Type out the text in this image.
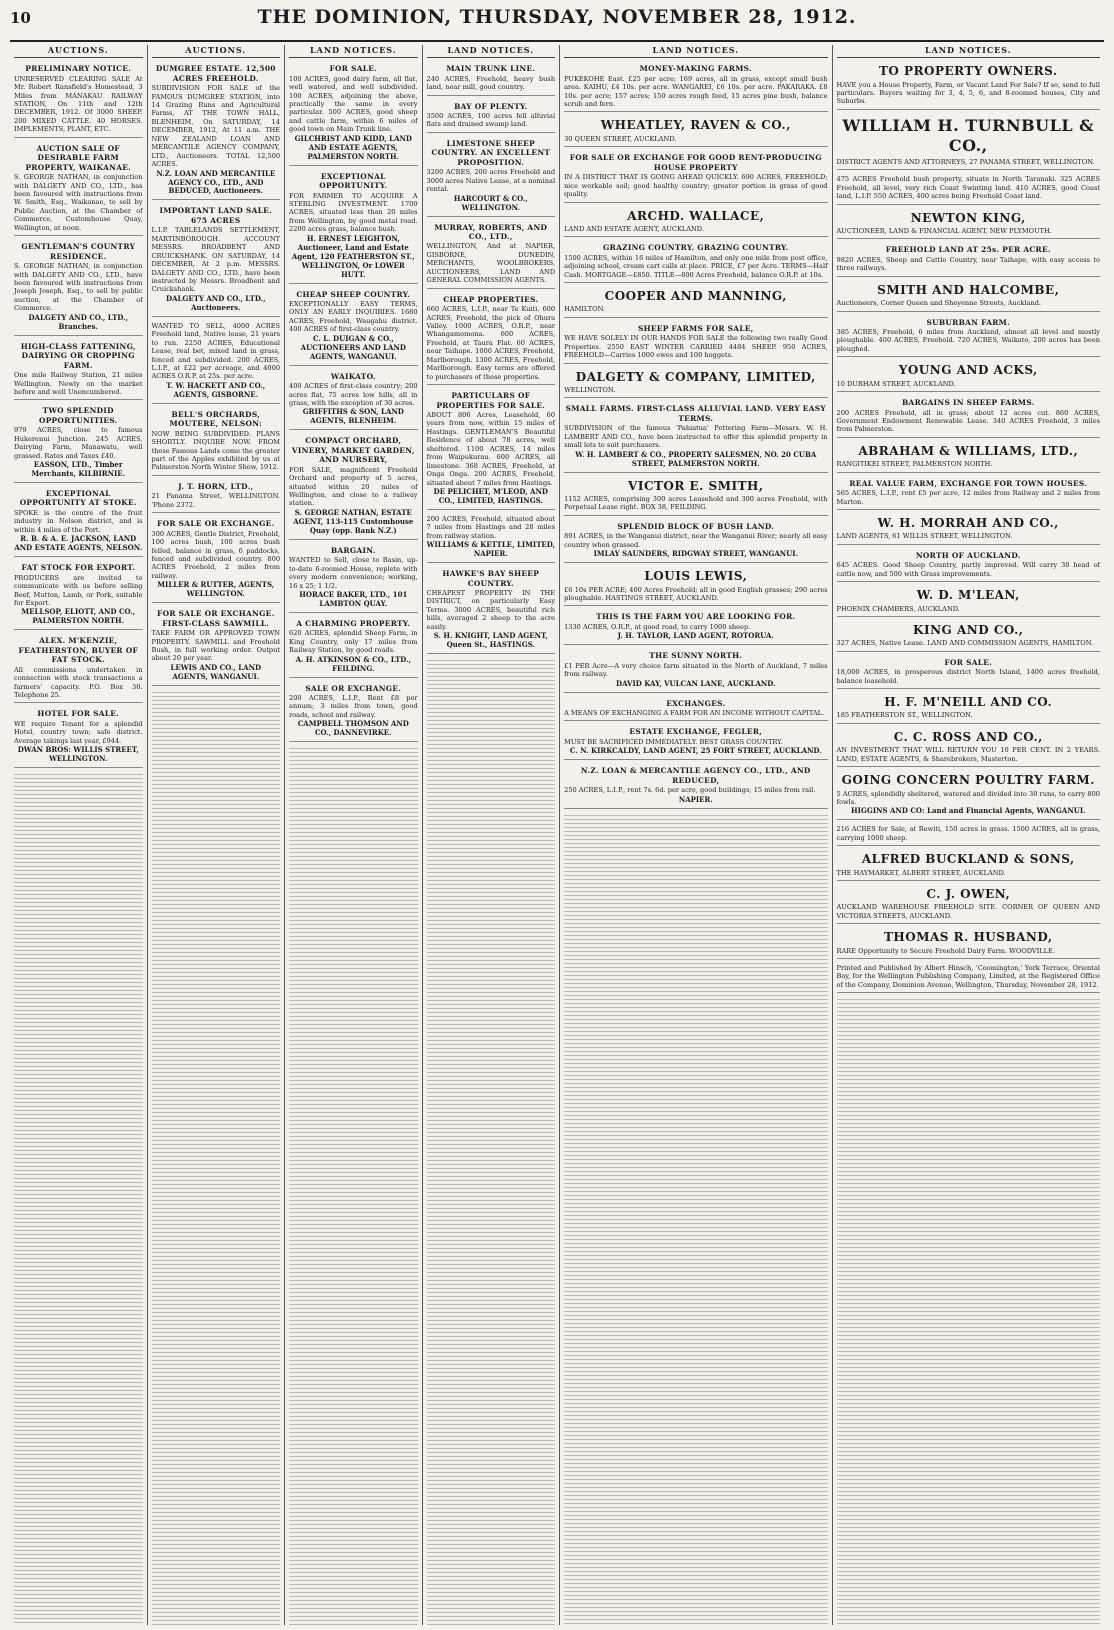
10	THE DOMINION, THURSDAY, NOVEMBER 28, 1912.
AUCTIONS.
PRELIMINARY NOTICE.
UNRESERVED CLEARING SALE At Mr. Robert Ransfield's Homestead, 3 Miles from MANAKAU RAILWAY STATION, On 11th and 12th DECEMBER, 1912. Of 3000 SHEEP. 200 MIXED CATTLE. 40 HORSES. IMPLEMENTS, PLANT, ETC.
AUCTION SALE OF DESIRABLE FARM PROPERTY, WAIKANAE.
S. GEORGE NATHAN, in conjunction with DALGETY AND CO., LTD., has been favoured with instructions from W. Smith, Esq., Waikanae, to sell by Public Auction, at the Chamber of Commerce, Customhouse Quay, Wellington, at noon.
GENTLEMAN'S COUNTRY RESIDENCE.
S. GEORGE NATHAN, in conjunction with DALGETY AND CO., LTD., have been favoured with instructions from Joseph Joseph, Esq., to sell by public auction, at the Chamber of Commerce.
DALGETY AND CO., LTD., Branches.
HIGH-CLASS FATTENING, DAIRYING OR CROPPING FARM.
One mile Railway Station, 21 miles Wellington. Newly on the market before and well Unencumbered.
TWO SPLENDID OPPORTUNITIES.
979 ACRES, close to famous Hukerenui Junction. 245 ACRES, Dairying Farm, Manawatu, well grassed. Rates and Taxes £40.
EASSON, LTD., Timber Merchants, KILBIRNIE.
EXCEPTIONAL OPPORTUNITY AT STOKE.
SPOKE is the centre of the fruit industry in Nelson district, and is within 4 miles of the Port.
R. B. & A. E. JACKSON, LAND AND ESTATE AGENTS, NELSON.
FAT STOCK FOR EXPORT.
PRODUCERS are invited to communicate with us before selling Beef, Mutton, Lamb, or Pork, suitable for Export.
MELLSOP, ELIOTT, AND CO., PALMERSTON NORTH.
ALEX. M'KENZIE, FEATHERSTON, BUYER OF FAT STOCK.
All commissions undertaken in connection with stock transactions a farmers' capacity. P.O. Box 30. Telephone 25.
HOTEL FOR SALE.
WE require Tenant for a splendid Hotel, country town; safe district. Average takings last year, £944.
DWAN BROS: WILLIS STREET, WELLINGTON.
AUCTIONS.
DUMGREE ESTATE. 12,500 ACRES FREEHOLD.
SUBDIVISION FOR SALE of the FAMOUS DUMGREE STATION, into 14 Grazing Runs and Agricultural Farms, AT THE TOWN HALL, BLENHEIM, On SATURDAY, 14 DECEMBER, 1912, At 11 a.m. THE NEW ZEALAND LOAN AND MERCANTILE AGENCY COMPANY, LTD., Auctioneers. TOTAL 12,500 ACRES.
N.Z. LOAN AND MERCANTILE AGENCY CO., LTD., AND BEDUCED, Auctioneers.
IMPORTANT LAND SALE. 675 ACRES
L.I.P. TABLELANDS SETTLEMENT, MARTINBOROUGH. ACCOUNT MESSRS. BROADBENT AND CRUICKSHANK. ON SATURDAY, 14 DECEMBER, At 2 p.m. MESSRS. DALGETY AND CO., LTD., have been instructed by Messrs. Broadbent and Cruickshank.
DALGETY AND CO., LTD., Auctioneers.
WANTED TO SELL, 4000 ACRES Freehold land, Native lease, 21 years to run. 2250 ACRES, Educational Lease, real bet, mixed land in grass, fenced and subdivided. 200 ACRES, L.I.P., at £22 per acreage, and 4000 ACRES O.R.P. at 25s. per acre.
T. W. HACKETT AND CO., AGENTS, GISBORNE.
BELL'S ORCHARDS, MOUTERE, NELSON:
NOW BEING SUBDIVIDED. PLANS SHORTLY. INQUIRE NOW. FROM these Famous Lands come the greater part of the Apples exhibited by us at Palmerston North Winter Show, 1912.
J. T. HORN, LTD.,
21 Panama Street, WELLINGTON. 'Phone 2372.
FOR SALE OR EXCHANGE.
300 ACRES, Gentle District, Freehold, 100 acres bush, 100 acres bush felled, balance in grass, 6 paddocks, fenced and subdivided country. 800 ACRES Freehold, 2 miles from railway.
MILLER & RUTTER, AGENTS, WELLINGTON.
FOR SALE OR EXCHANGE. FIRST-CLASS SAWMILL.
TAKE FARM OR APPROVED TOWN PROPERTY. SAWMILL and Freehold Bush, in full working order. Output about 20 per year.
LEWIS AND CO., LAND AGENTS, WANGANUI.
LAND NOTICES.
FOR SALE.
100 ACRES, good dairy farm, all flat, well watered, and well subdivided. 100 ACRES, adjoining the above, practically the same in every particular. 500 ACRES, good sheep and cattle farm, within 6 miles of good town on Main Trunk line.
GILCHRIST AND KIDD, LAND AND ESTATE AGENTS, PALMERSTON NORTH.
EXCEPTIONAL OPPORTUNITY.
FOR FARMER TO ACQUIRE A STERLING INVESTMENT. 1700 ACRES, situated less than 20 miles from Wellington, by good metal road. 2200 acres grass, balance bush.
H. ERNEST LEIGHTON, Auctioneer, Land and Estate Agent, 120 FEATHERSTON ST., WELLINGTON, Or LOWER HUTT.
CHEAP SHEEP COUNTRY.
EXCEPTIONALLY EASY TERMS, ONLY AN EARLY INQUIRIES. 1680 ACRES, Freehold, Waugahu district. 400 ACRES of first-class country.
C. L. DUIGAN & CO., AUCTIONEERS AND LAND AGENTS, WANGANUI.
WAIKATO.
400 ACRES of first-class country; 200 acres flat, 75 acres low hills, all in grass, with the exception of 30 acres.
GRIFFITHS & SON, LAND AGENTS, BLENHEIM.
COMPACT ORCHARD, VINERY, MARKET GARDEN, AND NURSERY,
FOR SALE, magnificent Freehold Orchard and property of 5 acres, situated within 20 miles of Wellington, and close to a railway station.
S. GEORGE NATHAN, ESTATE AGENT, 113-115 Customhouse Quay (opp. Bank N.Z.)
BARGAIN.
WANTED to Sell, close to Basin, up-to-date 6-roomed House, replete with every modern convenience; working, 16 x 25; 1 1/2.
HORACE BAKER, LTD., 101 LAMBTON QUAY.
A CHARMING PROPERTY.
620 ACRES, splendid Sheep Farm, in King Country, only 17 miles from Railway Station, by good roads.
A. H. ATKINSON & CO., LTD., FEILDING.
SALE OR EXCHANGE.
200 ACRES, L.I.P., Rent £8 per annum; 3 miles from town, good roads, school and railway.
CAMPBELL THOMSON AND CO., DANNEVIRKE.
LAND NOTICES.
MAIN TRUNK LINE.
240 ACRES, Freehold, heavy bush land, near mill, good country.
BAY OF PLENTY.
3500 ACRES, 100 acres fell alluvial flats and drained swamp land.
LIMESTONE SHEEP COUNTRY. AN EXCELLENT PROPOSITION.
3200 ACRES, 200 acres Freehold and 3000 acres Native Lease, at a nominal rental.
HARCOURT & CO., WELLINGTON.
MURRAY, ROBERTS, AND CO., LTD.,
WELLINGTON, And at NAPIER, GISBORNE, DUNEDIN, MERCHANTS, WOOLBROKERS, AUCTIONEERS, LAND AND GENERAL COMMISSION AGENTS.
CHEAP PROPERTIES.
660 ACRES, L.I.P., near Te Kuiti. 600 ACRES, Freehold, the pick of Ohura Valley. 1000 ACRES, O.R.P., near Whangamomona. 600 ACRES, Freehold, at Taura Flat. 60 ACRES, near Taihape. 1000 ACRES, Freehold, Marlborough. 1300 ACRES, Freehold, Marlborough. Easy terms are offered to purchasers of these properties.
PARTICULARS OF PROPERTIES FOR SALE.
ABOUT 806 Acres, Leasehold, 60 years from now, within 15 miles of Hastings. GENTLEMAN'S Beautiful Residence of about 78 acres, well sheltered. 1100 ACRES, 14 miles from Waipukurau. 600 ACRES, all limestone. 368 ACRES, Freehold, at Onga Onga. 200 ACRES, Freehold, situated about 7 miles from Hastings.
DE PELICHET, M'LEOD, AND CO., LIMITED, HASTINGS.
200 ACRES, Freehold, situated about 7 miles from Hastings and 28 miles from railway station.
WILLIAMS & KETTLE, LIMITED, NAPIER.
HAWKE'S BAY SHEEP COUNTRY.
CHEAPEST PROPERTY IN THE DISTRICT, on particularly Easy Terms. 3000 ACRES, beautiful rich hills, averaged 2 sheep to the acre easily.
S. H. KNIGHT, LAND AGENT, Queen St., HASTINGS.
LAND NOTICES.
MONEY-MAKING FARMS.
PUKEKOHE East. £25 per acre; 169 acres, all in grass, except small bush area. KAIHU, £4 10s. per acre. WANGAREI, £6 10s. per acre. PAKARAKA. £8 10s. per acre; 157 acres; 150 acres rough feed, 15 acres pine bush, balance scrub and fern.
WHEATLEY, RAVEN & CO.,
30 QUEEN STREET, AUCKLAND.
FOR SALE OR EXCHANGE FOR GOOD RENT-PRODUCING HOUSE PROPERTY
IN A DISTRICT THAT IS GOING AHEAD QUICKLY. 690 ACRES, FREEHOLD; nice workable soil; good healthy country; greater portion in grass of good quality.
ARCHD. WALLACE,
LAND AND ESTATE AGENT, AUCKLAND.
GRAZING COUNTRY. GRAZING COUNTRY.
1500 ACRES, within 16 miles of Hamilton, and only one mile from post office, adjoining school, cream cart calls at place. PRICE, £7 per Acre. TERMS—Half Cash. MORTGAGE—£850. TITLE—800 Acres Freehold, balance O.R.P. at 10s.
COOPER AND MANNING,
HAMILTON.
SHEEP FARMS FOR SALE,
WE HAVE SOLELY IN OUR HANDS FOR SALE the following two really Good Properties. 2550 EAST WINTER CARRIED 4484 SHEEP. 950 ACRES, FREEHOLD—Carries 1000 ewes and 100 hoggets.
DALGETY & COMPANY, LIMITED,
WELLINGTON.
SMALL FARMS. FIRST-CLASS ALLUVIAL LAND. VERY EASY TERMS.
SUBDIVISION of the famous 'Pahiatua' Pottering Farm—Messrs. W. H. LAMBERT AND CO., have been instructed to offer this splendid property in small lots to suit purchasers.
W. H. LAMBERT & CO., PROPERTY SALESMEN, NO. 20 CUBA STREET, PALMERSTON NORTH.
VICTOR E. SMITH,
1152 ACRES, comprising 300 acres Leasehold and 300 acres Freehold, with Perpetual Lease right. BOX 38, FEILDING.
SPLENDID BLOCK OF BUSH LAND.
891 ACRES, in the Wanganui district, near the Wanganui River; nearly all easy country when grassed.
IMLAY SAUNDERS, RIDGWAY STREET, WANGANUI.
LOUIS LEWIS,
£6 10s PER ACRE; 400 Acres Freehold; all in good English grasses; 290 acres ploughable. HASTINGS STREET, AUCKLAND.
THIS IS THE FARM YOU ARE LOOKING FOR.
1330 ACRES, O.R.P., at good road, to carry 1000 sheep.
J. H. TAYLOR, LAND AGENT, ROTORUA.
THE SUNNY NORTH.
£1 PER Acre—A very choice farm situated in the North of Auckland, 7 miles from railway.
DAVID KAY, VULCAN LANE, AUCKLAND.
EXCHANGES.
A MEANS OF EXCHANGING A FARM FOR AN INCOME WITHOUT CAPITAL.
ESTATE EXCHANGE, FEGLER,
MUST BE SACRIFICED IMMEDIATELY. BEST GRASS COUNTRY.
C. N. KIRKCALDY, LAND AGENT, 25 FORT STREET, AUCKLAND.
N.Z. LOAN & MERCANTILE AGENCY CO., LTD., AND REDUCED,
250 ACRES, L.I.P., rent 7s. 6d. per acre, good buildings; 15 miles from rail.
NAPIER.
LAND NOTICES.
TO PROPERTY OWNERS.
HAVE you a House Property, Farm, or Vacant Land For Sale? If so, send to full particulars. Buyers waiting for 3, 4, 5, 6, and 8-roomed houses, City and Suburbs.
WILLIAM H. TURNBULL & CO.,
DISTRICT AGENTS AND ATTORNEYS, 27 PANAMA STREET, WELLINGTON.
475 ACRES Freehold bush property, situate in North Taranaki. 325 ACRES Freehold, all level, very rich Coast Swinting land. 410 ACRES, good Coast land, L.I.P. 550 ACRES, 400 acres being Freehold Coast land.
NEWTON KING,
AUCTIONEER, LAND & FINANCIAL AGENT, NEW PLYMOUTH.
FREEHOLD LAND AT 25s. PER ACRE.
9820 ACRES, Sheep and Cattle Country, near Taihape, with easy access to three railways.
SMITH AND HALCOMBE,
Auctioneers, Corner Queen and Sheyenne Streets, Auckland.
SUBURBAN FARM.
385 ACRES, Freehold, 6 miles from Auckland, almost all level and mostly ploughable. 400 ACRES, Freehold. 720 ACRES, Waikato, 200 acres has been ploughed.
YOUNG AND ACKS,
10 DURHAM STREET, AUCKLAND.
BARGAINS IN SHEEP FARMS.
200 ACRES Freehold, all in grass; about 12 acres cut. 860 ACRES, Government Endowment Renewable Lease. 340 ACRES Freehold, 3 miles from Palmerston.
ABRAHAM & WILLIAMS, LTD.,
RANGITIKEI STREET, PALMERSTON NORTH.
REAL VALUE FARM, EXCHANGE FOR TOWN HOUSES.
565 ACRES, L.I.P., rent £5 per acre, 12 miles from Railway and 2 miles from Marton.
W. H. MORRAH AND CO.,
LAND AGENTS, 61 WILLIS STREET, WELLINGTON.
NORTH OF AUCKLAND.
645 ACRES. Good Sheep Country, partly improved. Will carry 30 head of cattle now, and 500 with Grass improvements.
W. D. M'LEAN,
PHOENIX CHAMBERS, AUCKLAND.
KING AND CO.,
327 ACRES, Native Lease. LAND AND COMMISSION AGENTS, HAMILTON.
FOR SALE.
18,000 ACRES, in prosperous district North Island, 1400 acres freehold, balance leasehold.
H. F. M'NEILL AND CO.
185 FEATHERSTON ST., WELLINGTON.
C. C. ROSS AND CO.,
AN INVESTMENT THAT WILL RETURN YOU 10 PER CENT. IN 2 YEARS. LAND, ESTATE AGENTS, & Sharebrokers, Masterton.
GOING CONCERN POULTRY FARM.
5 ACRES, splendidly sheltered, watered and divided into 30 runs, to carry 800 fowls.
HIGGINS AND CO: Land and Financial Agents, WANGANUI.
216 ACRES for Sale, at Rewiti, 150 acres in grass. 1500 ACRES, all in grass, carrying 1000 sheep.
ALFRED BUCKLAND & SONS,
THE HAYMARKET, ALBERT STREET, AUCKLAND.
C. J. OWEN,
AUCKLAND WAREHOUSE FREEHOLD SITE. CORNER OF QUEEN AND VICTORIA STREETS, AUCKLAND.
THOMAS R. HUSBAND,
RARE Opportunity to Secure Freehold Dairy Farm. WOODVILLE.
Printed and Published by Albert Hinsch, 'Coomington,' York Terrace, Oriental Bay, for the Wellington Publishing Company, Limited, at the Registered Office of the Company, Dominion Avenue, Wellington, Thursday, November 28, 1912.
